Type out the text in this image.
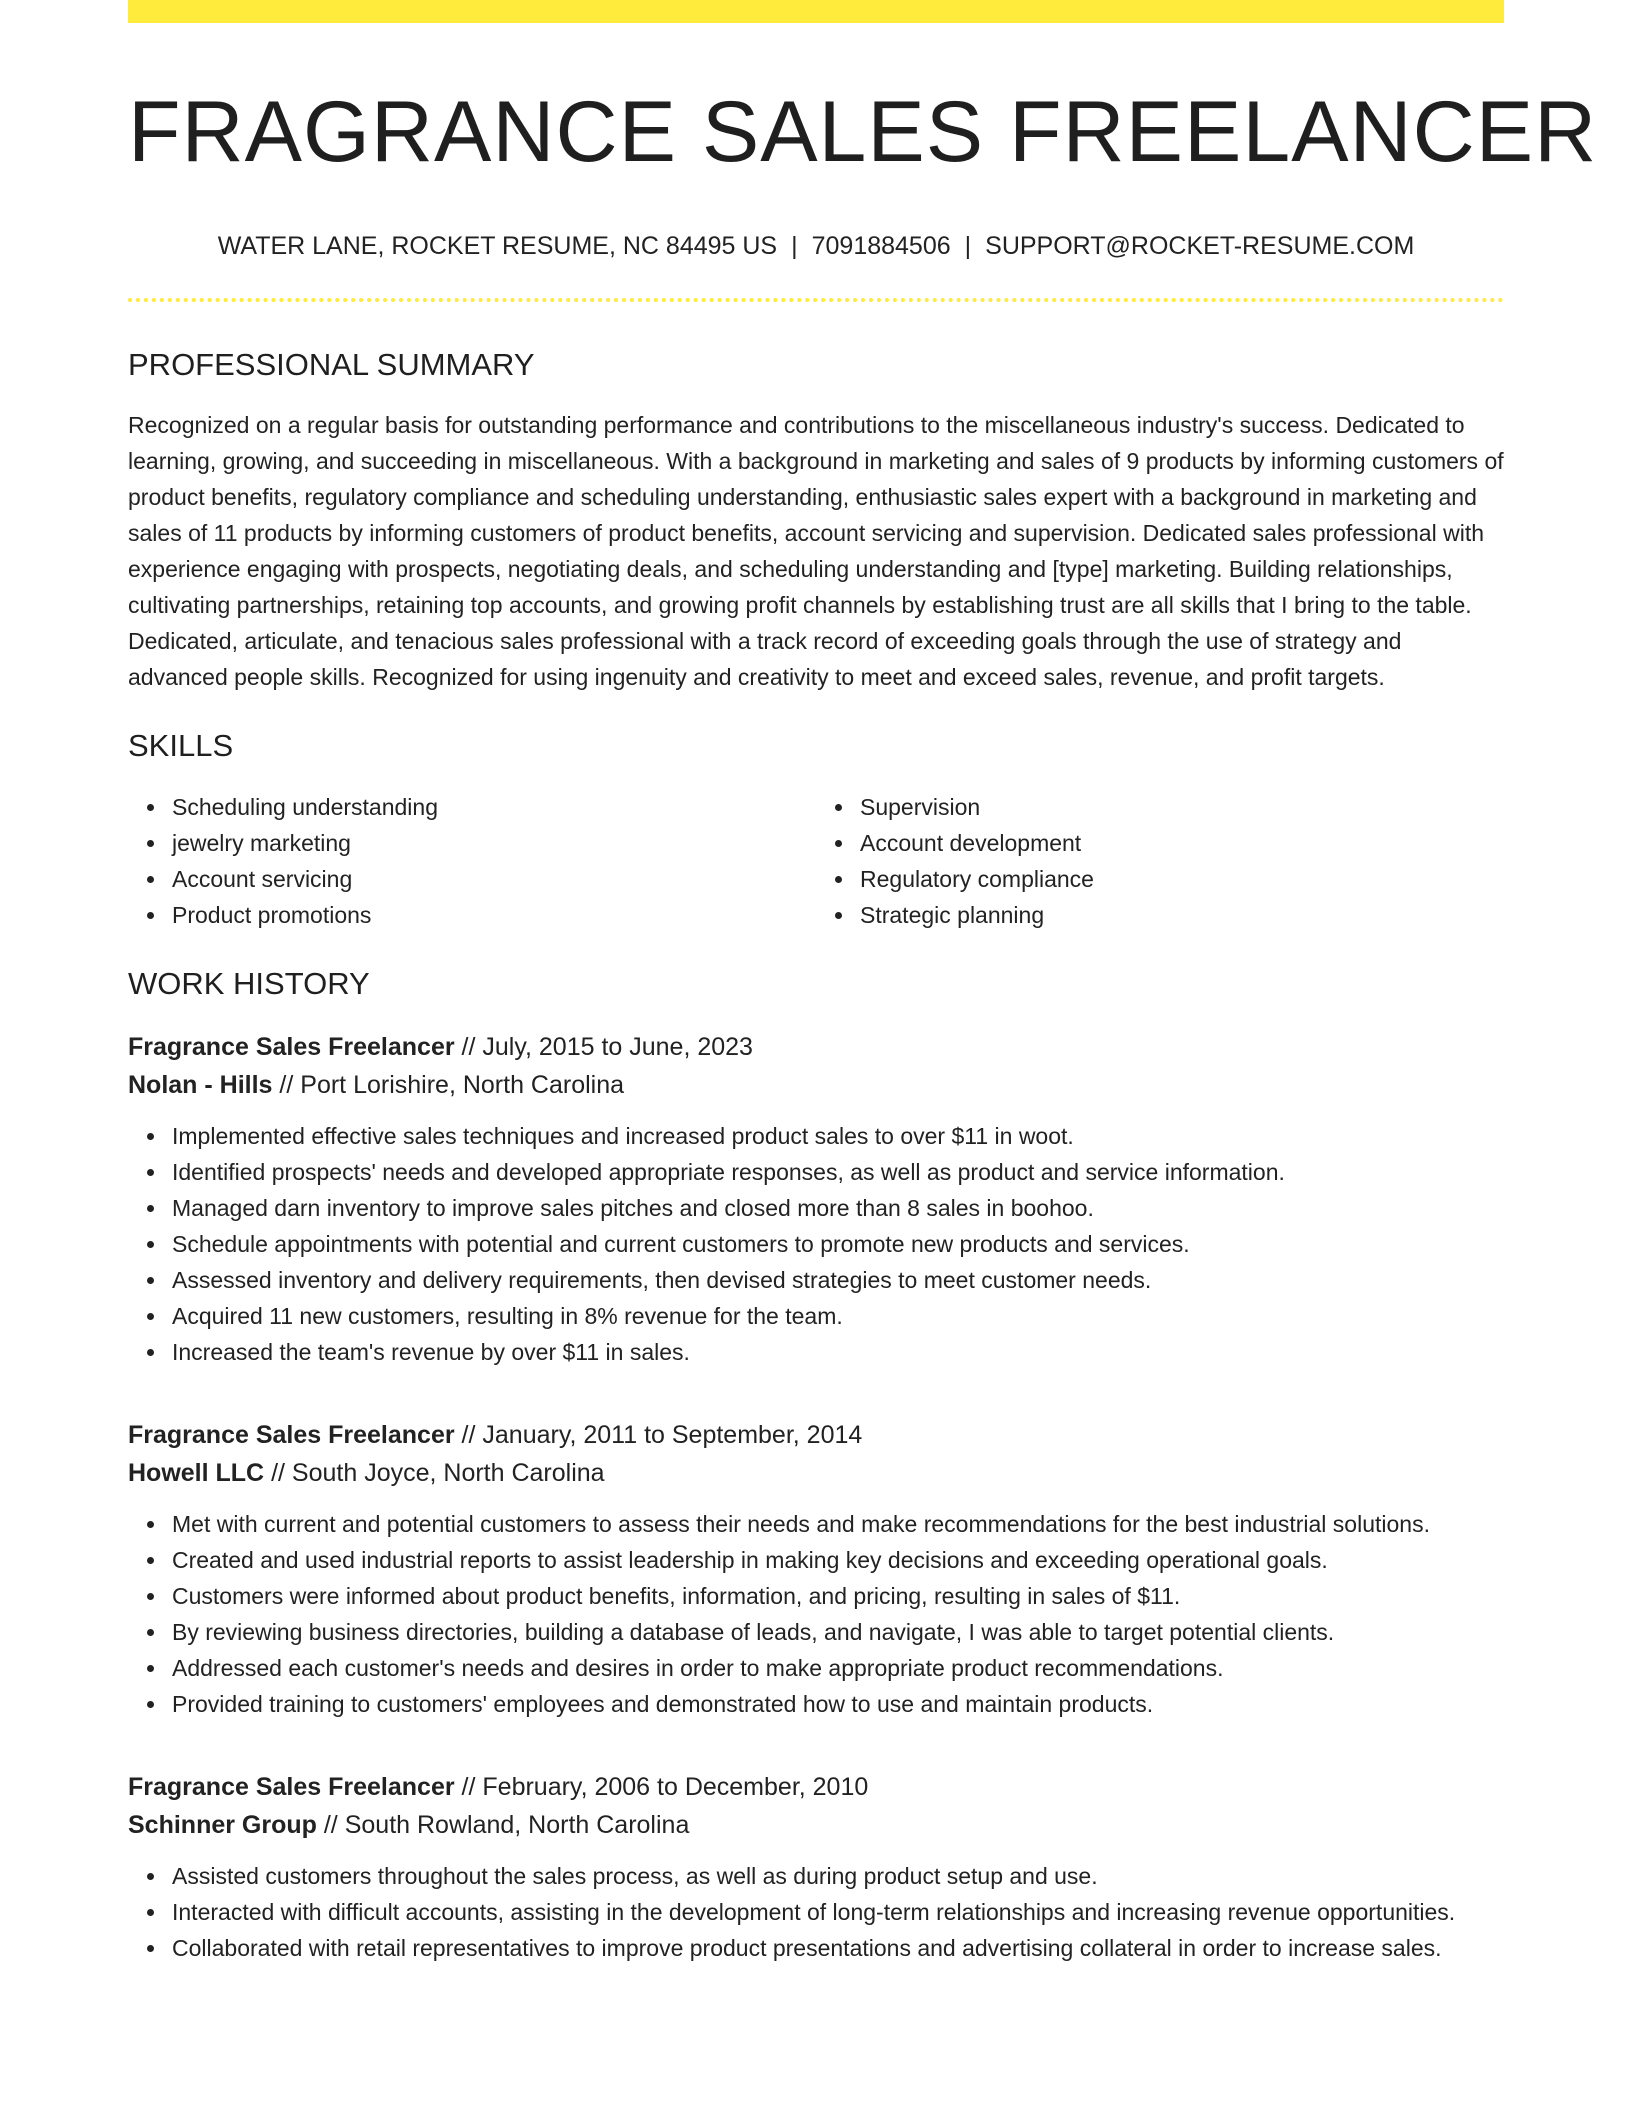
FRAGRANCE SALES FREELANCER
WATER LANE, ROCKET RESUME, NC 84495 US | 7091884506 | SUPPORT@ROCKET-RESUME.COM
PROFESSIONAL SUMMARY
Recognized on a regular basis for outstanding performance and contributions to the miscellaneous industry's success. Dedicated to learning, growing, and succeeding in miscellaneous. With a background in marketing and sales of 9 products by informing customers of product benefits, regulatory compliance and scheduling understanding, enthusiastic sales expert with a background in marketing and sales of 11 products by informing customers of product benefits, account servicing and supervision. Dedicated sales professional with experience engaging with prospects, negotiating deals, and scheduling understanding and [type] marketing. Building relationships, cultivating partnerships, retaining top accounts, and growing profit channels by establishing trust are all skills that I bring to the table. Dedicated, articulate, and tenacious sales professional with a track record of exceeding goals through the use of strategy and advanced people skills. Recognized for using ingenuity and creativity to meet and exceed sales, revenue, and profit targets.
SKILLS
Scheduling understanding
jewelry marketing
Account servicing
Product promotions
Supervision
Account development
Regulatory compliance
Strategic planning
WORK HISTORY
Fragrance Sales Freelancer // July, 2015 to June, 2023
Nolan - Hills // Port Lorishire, North Carolina
Implemented effective sales techniques and increased product sales to over $11 in woot.
Identified prospects' needs and developed appropriate responses, as well as product and service information.
Managed darn inventory to improve sales pitches and closed more than 8 sales in boohoo.
Schedule appointments with potential and current customers to promote new products and services.
Assessed inventory and delivery requirements, then devised strategies to meet customer needs.
Acquired 11 new customers, resulting in 8% revenue for the team.
Increased the team's revenue by over $11 in sales.
Fragrance Sales Freelancer // January, 2011 to September, 2014
Howell LLC // South Joyce, North Carolina
Met with current and potential customers to assess their needs and make recommendations for the best industrial solutions.
Created and used industrial reports to assist leadership in making key decisions and exceeding operational goals.
Customers were informed about product benefits, information, and pricing, resulting in sales of $11.
By reviewing business directories, building a database of leads, and navigate, I was able to target potential clients.
Addressed each customer's needs and desires in order to make appropriate product recommendations.
Provided training to customers' employees and demonstrated how to use and maintain products.
Fragrance Sales Freelancer // February, 2006 to December, 2010
Schinner Group // South Rowland, North Carolina
Assisted customers throughout the sales process, as well as during product setup and use.
Interacted with difficult accounts, assisting in the development of long-term relationships and increasing revenue opportunities.
Collaborated with retail representatives to improve product presentations and advertising collateral in order to increase sales.
